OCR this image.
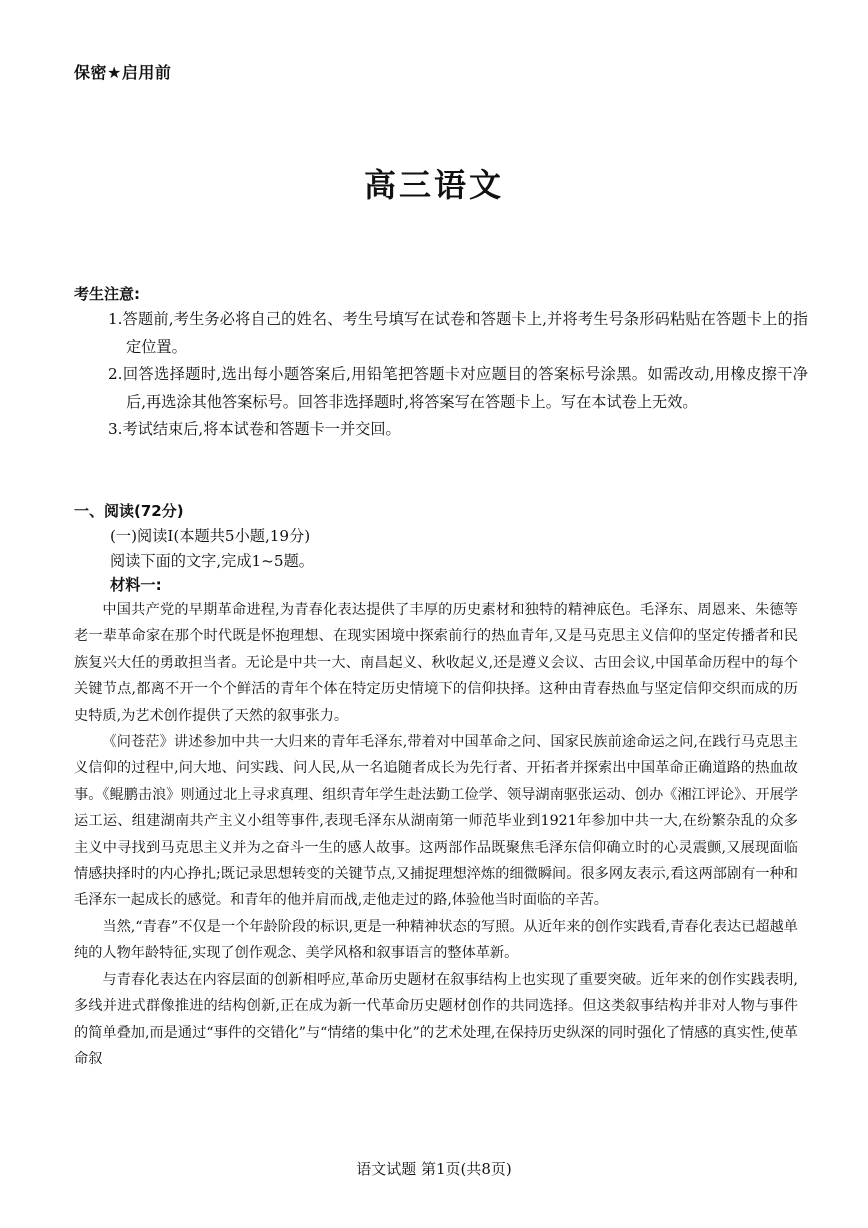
保密★启用前
高三语文
考生注意:
1.答题前,考生务必将自己的姓名、考生号填写在试卷和答题卡上,并将考生号条形码粘贴在答题卡上的指定位置。
2.回答选择题时,选出每小题答案后,用铅笔把答题卡对应题目的答案标号涂黑。如需改动,用橡皮擦干净后,再选涂其他答案标号。回答非选择题时,将答案写在答题卡上。写在本试卷上无效。
3.考试结束后,将本试卷和答题卡一并交回。
一、阅读(72分)
(一)阅读Ⅰ(本题共5小题,19分)
阅读下面的文字,完成1~5题。
材料一:

中国共产党的早期革命进程,为青春化表达提供了丰厚的历史素材和独特的精神底色。毛泽东、周恩来、朱德等老一辈革命家在那个时代既是怀抱理想、在现实困境中探索前行的热血青年,又是马克思主义信仰的坚定传播者和民族复兴大任的勇敢担当者。无论是中共一大、南昌起义、秋收起义,还是遵义会议、古田会议,中国革命历程中的每个关键节点,都离不开一个个鲜活的青年个体在特定历史情境下的信仰抉择。这种由青春热血与坚定信仰交织而成的历史特质,为艺术创作提供了天然的叙事张力。

《问苍茫》讲述参加中共一大归来的青年毛泽东,带着对中国革命之问、国家民族前途命运之问,在践行马克思主义信仰的过程中,问大地、问实践、问人民,从一名追随者成长为先行者、开拓者并探索出中国革命正确道路的热血故事。《鲲鹏击浪》则通过北上寻求真理、组织青年学生赴法勤工俭学、领导湖南驱张运动、创办《湘江评论》、开展学运工运、组建湖南共产主义小组等事件,表现毛泽东从湖南第一师范毕业到1921年参加中共一大,在纷繁杂乱的众多主义中寻找到马克思主义并为之奋斗一生的感人故事。这两部作品既聚焦毛泽东信仰确立时的心灵震颤,又展现面临情感抉择时的内心挣扎;既记录思想转变的关键节点,又捕捉理想淬炼的细微瞬间。很多网友表示,看这两部剧有一种和毛泽东一起成长的感觉。和青年的他并肩而战,走他走过的路,体验他当时面临的辛苦。

当然,“青春”不仅是一个年龄阶段的标识,更是一种精神状态的写照。从近年来的创作实践看,青春化表达已超越单纯的人物年龄特征,实现了创作观念、美学风格和叙事语言的整体革新。

与青春化表达在内容层面的创新相呼应,革命历史题材在叙事结构上也实现了重要突破。近年来的创作实践表明,多线并进式群像推进的结构创新,正在成为新一代革命历史题材创作的共同选择。但这类叙事结构并非对人物与事件的简单叠加,而是通过“事件的交错化”与“情绪的集中化”的艺术处理,在保持历史纵深的同时强化了情感的真实性,使革命叙

语文试题 第1页(共8页)
